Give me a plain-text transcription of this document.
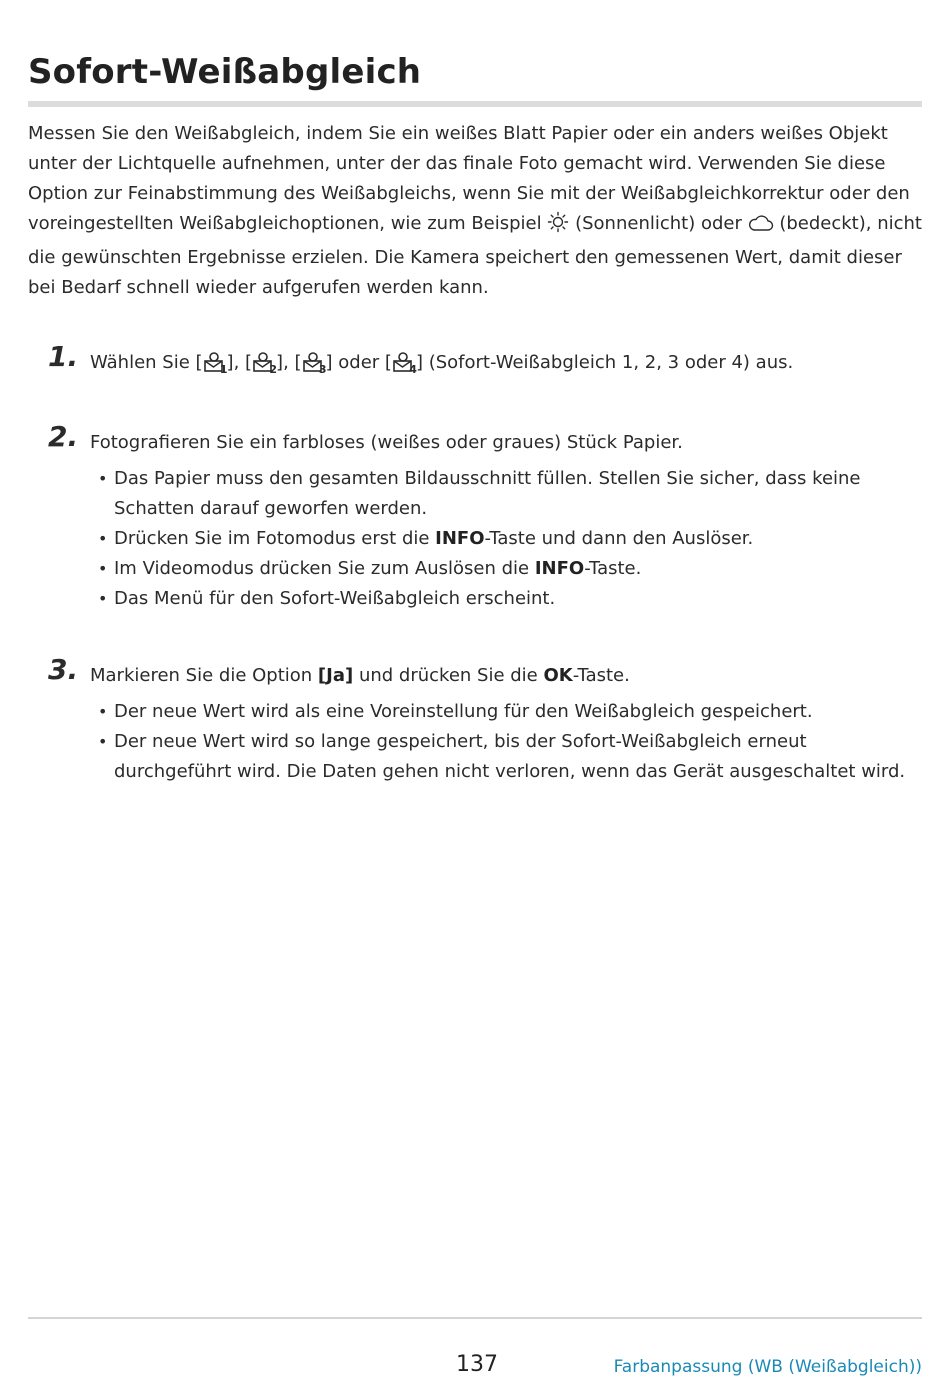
Sofort-Weißabgleich

Messen Sie den Weißabgleich, indem Sie ein weißes Blatt Papier oder ein anders weißes Objekt unter der Lichtquelle aufnehmen, unter der das finale Foto gemacht wird. Verwenden Sie diese Option zur Feinabstimmung des Weißabgleichs, wenn Sie mit der Weißabgleichkorrektur oder den voreingestellten Weißabgleichoptionen, wie zum Beispiel (Sonnenlicht) oder (bedeckt), nicht die gewünschten Ergebnisse erzielen. Die Kamera speichert den gemessenen Wert, damit dieser bei Bedarf schnell wieder aufgerufen werden kann.

1. Wählen Sie [ 1 ], [ 2 ], [ 3 ] oder [ 4 ] (Sofort-Weißabgleich 1, 2, 3 oder 4) aus.
2. Fotografieren Sie ein farbloses (weißes oder graues) Stück Papier.
• Das Papier muss den gesamten Bildausschnitt füllen. Stellen Sie sicher, dass keine Schatten darauf geworfen werden.
• Drücken Sie im Fotomodus erst die INFO-Taste und dann den Auslöser.
• Im Videomodus drücken Sie zum Auslösen die INFO-Taste.
• Das Menü für den Sofort-Weißabgleich erscheint.
3. Markieren Sie die Option [Ja] und drücken Sie die OK-Taste.
• Der neue Wert wird als eine Voreinstellung für den Weißabgleich gespeichert.
• Der neue Wert wird so lange gespeichert, bis der Sofort-Weißabgleich erneut durchgeführt wird. Die Daten gehen nicht verloren, wenn das Gerät ausgeschaltet wird.
137	Farbanpassung (WB (Weißabgleich))
